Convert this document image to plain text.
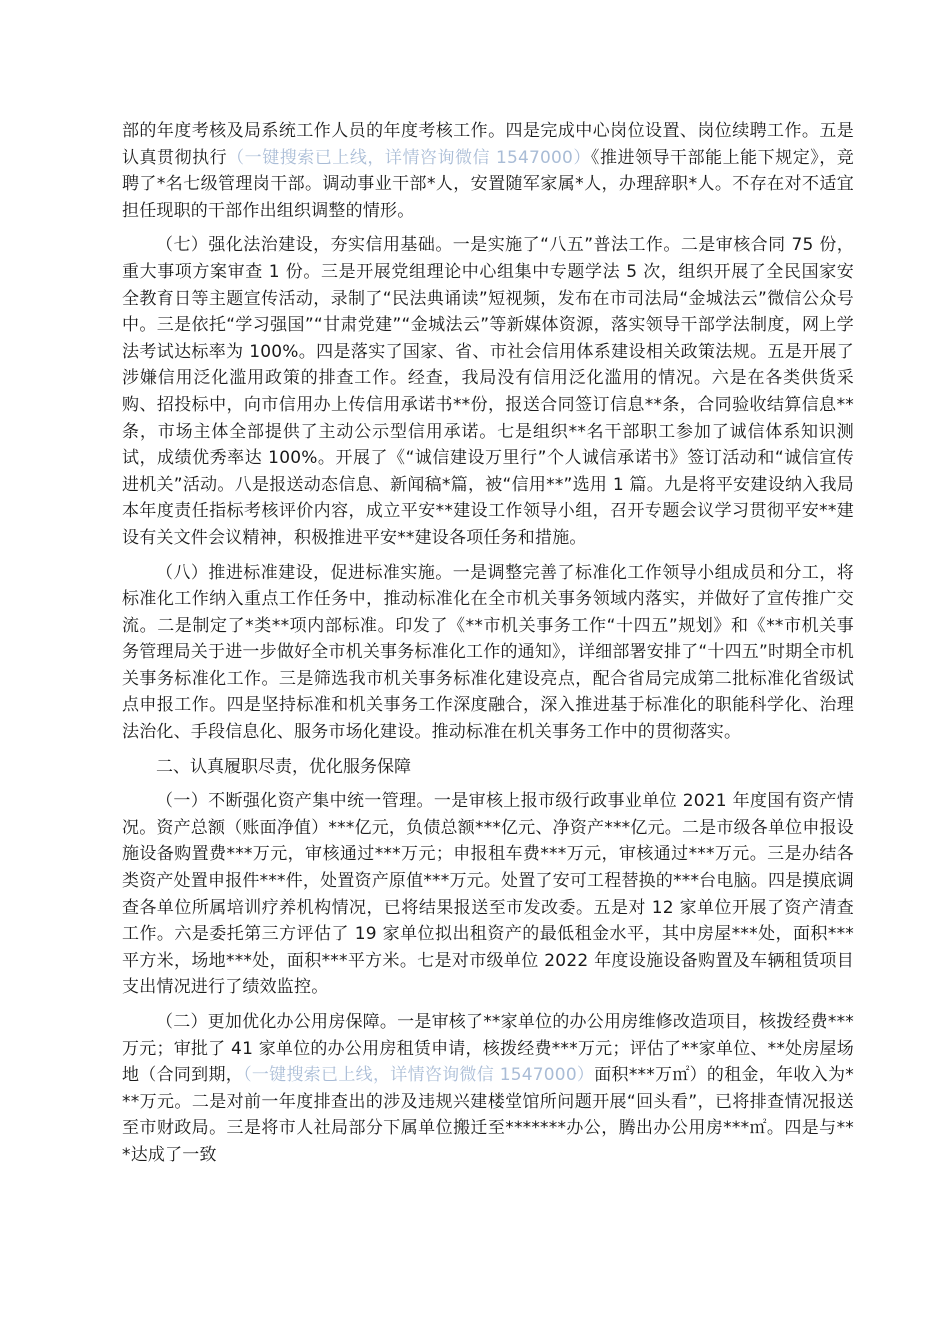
部的年度考核及局系统工作人员的年度考核工作。四是完成中心岗位设置、岗位续聘工作。五是认真贯彻执行（一键搜索已上线，详情咨询微信 1547000）《推进领导干部能上能下规定》，竞聘了*名七级管理岗干部。调动事业干部*人，安置随军家属*人，办理辞职*人。不存在对不适宜担任现职的干部作出组织调整的情形。

（七）强化法治建设，夯实信用基础。一是实施了“八五”普法工作。二是审核合同 75 份，重大事项方案审查 1 份。三是开展党组理论中心组集中专题学法 5 次，组织开展了全民国家安全教育日等主题宣传活动，录制了“民法典诵读”短视频，发布在市司法局“金城法云”微信公众号中。三是依托“学习强国”“甘肃党建”“金城法云”等新媒体资源，落实领导干部学法制度，网上学法考试达标率为 100%。四是落实了国家、省、市社会信用体系建设相关政策法规。五是开展了涉嫌信用泛化滥用政策的排查工作。经查，我局没有信用泛化滥用的情况。六是在各类供货采购、招投标中，向市信用办上传信用承诺书**份，报送合同签订信息**条，合同验收结算信息**条，市场主体全部提供了主动公示型信用承诺。七是组织**名干部职工参加了诚信体系知识测试，成绩优秀率达 100%。开展了《“诚信建设万里行”个人诚信承诺书》签订活动和“诚信宣传进机关”活动。八是报送动态信息、新闻稿*篇，被“信用**”选用 1 篇。九是将平安建设纳入我局本年度责任指标考核评价内容，成立平安**建设工作领导小组，召开专题会议学习贯彻平安**建设有关文件会议精神，积极推进平安**建设各项任务和措施。

（八）推进标准建设，促进标准实施。一是调整完善了标准化工作领导小组成员和分工，将标准化工作纳入重点工作任务中，推动标准化在全市机关事务领域内落实，并做好了宣传推广交流。二是制定了*类**项内部标准。印发了《**市机关事务工作“十四五”规划》和《**市机关事务管理局关于进一步做好全市机关事务标准化工作的通知》，详细部署安排了“十四五”时期全市机关事务标准化工作。三是筛选我市机关事务标准化建设亮点，配合省局完成第二批标准化省级试点申报工作。四是坚持标准和机关事务工作深度融合，深入推进基于标准化的职能科学化、治理法治化、手段信息化、服务市场化建设。推动标准在机关事务工作中的贯彻落实。

二、认真履职尽责，优化服务保障

（一）不断强化资产集中统一管理。一是审核上报市级行政事业单位 2021 年度国有资产情况。资产总额（账面净值）***亿元，负债总额***亿元、净资产***亿元。二是市级各单位申报设施设备购置费***万元，审核通过***万元；申报租车费***万元，审核通过***万元。三是办结各类资产处置申报件***件，处置资产原值***万元。处置了安可工程替换的***台电脑。四是摸底调查各单位所属培训疗养机构情况，已将结果报送至市发改委。五是对 12 家单位开展了资产清查工作。六是委托第三方评估了 19 家单位拟出租资产的最低租金水平，其中房屋***处，面积***平方米，场地***处，面积***平方米。七是对市级单位 2022 年度设施设备购置及车辆租赁项目支出情况进行了绩效监控。

（二）更加优化办公用房保障。一是审核了**家单位的办公用房维修改造项目，核拨经费***万元；审批了 41 家单位的办公用房租赁申请，核拨经费***万元；评估了**家单位、**处房屋场地（合同到期，（一键搜索已上线，详情咨询微信 1547000）面积***万㎡）的租金，年收入为***万元。二是对前一年度排查出的涉及违规兴建楼堂馆所问题开展“回头看”，已将排查情况报送至市财政局。三是将市人社局部分下属单位搬迁至*******办公，腾出办公用房***㎡。四是与***达成了一致
